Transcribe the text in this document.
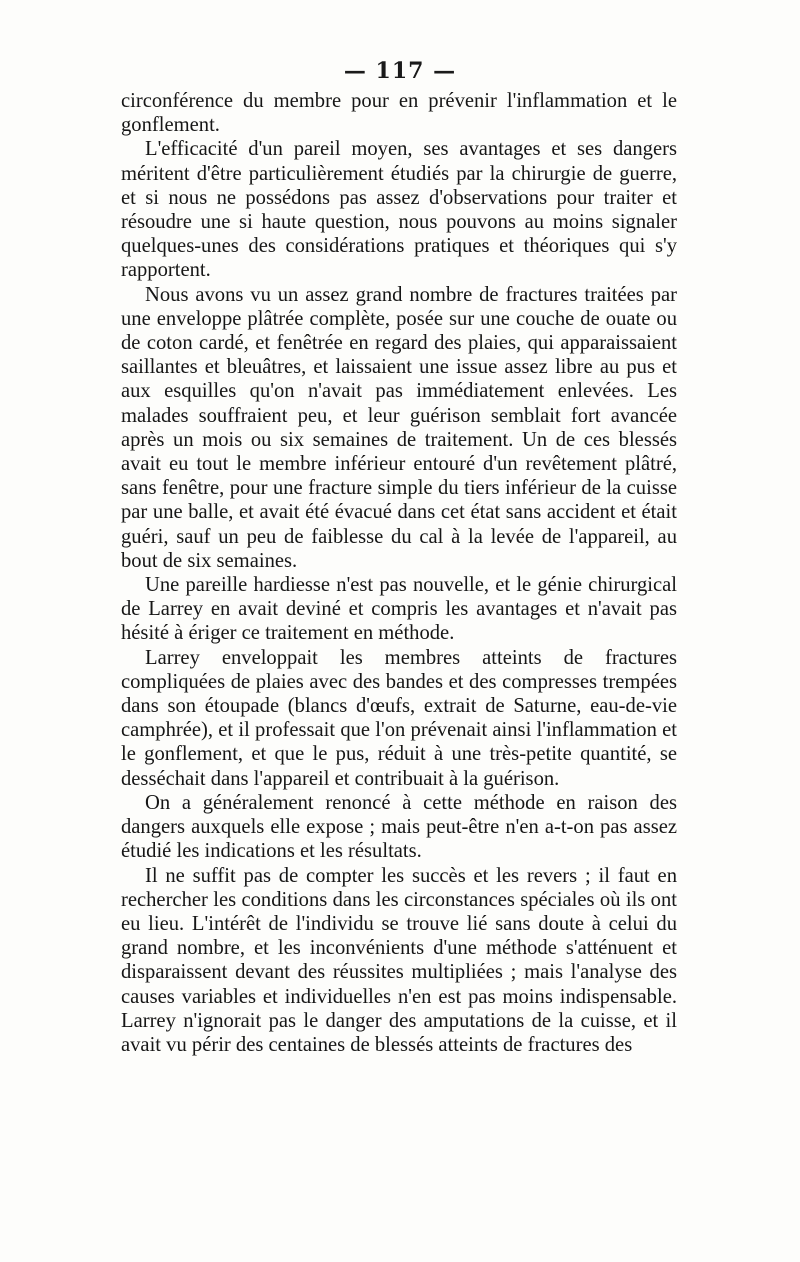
— 117 —

circonférence du membre pour en prévenir l'inflammation et le gonflement.

L'efficacité d'un pareil moyen, ses avantages et ses dangers méritent d'être particulièrement étudiés par la chirurgie de guerre, et si nous ne possédons pas assez d'observations pour traiter et résoudre une si haute question, nous pouvons au moins signaler quelques-unes des considérations pratiques et théoriques qui s'y rapportent.

Nous avons vu un assez grand nombre de fractures traitées par une enveloppe plâtrée complète, posée sur une couche de ouate ou de coton cardé, et fenêtrée en regard des plaies, qui apparaissaient saillantes et bleuâtres, et laissaient une issue assez libre au pus et aux esquilles qu'on n'avait pas immédiatement enlevées. Les malades souffraient peu, et leur guérison semblait fort avancée après un mois ou six semaines de traitement. Un de ces blessés avait eu tout le membre inférieur entouré d'un revêtement plâtré, sans fenêtre, pour une fracture simple du tiers inférieur de la cuisse par une balle, et avait été évacué dans cet état sans accident et était guéri, sauf un peu de faiblesse du cal à la levée de l'appareil, au bout de six semaines.

Une pareille hardiesse n'est pas nouvelle, et le génie chirurgical de Larrey en avait deviné et compris les avantages et n'avait pas hésité à ériger ce traitement en méthode.

Larrey enveloppait les membres atteints de fractures compliquées de plaies avec des bandes et des compresses trempées dans son étoupade (blancs d'œufs, extrait de Saturne, eau-de-vie camphrée), et il professait que l'on prévenait ainsi l'inflammation et le gonflement, et que le pus, réduit à une très-petite quantité, se desséchait dans l'appareil et contribuait à la guérison.

On a généralement renoncé à cette méthode en raison des dangers auxquels elle expose ; mais peut-être n'en a-t-on pas assez étudié les indications et les résultats.

Il ne suffit pas de compter les succès et les revers ; il faut en rechercher les conditions dans les circonstances spéciales où ils ont eu lieu. L'intérêt de l'individu se trouve lié sans doute à celui du grand nombre, et les inconvénients d'une méthode s'atténuent et disparaissent devant des réussites multipliées ; mais l'analyse des causes variables et individuelles n'en est pas moins indispensable. Larrey n'ignorait pas le danger des amputations de la cuisse, et il avait vu périr des centaines de blessés atteints de fractures des
